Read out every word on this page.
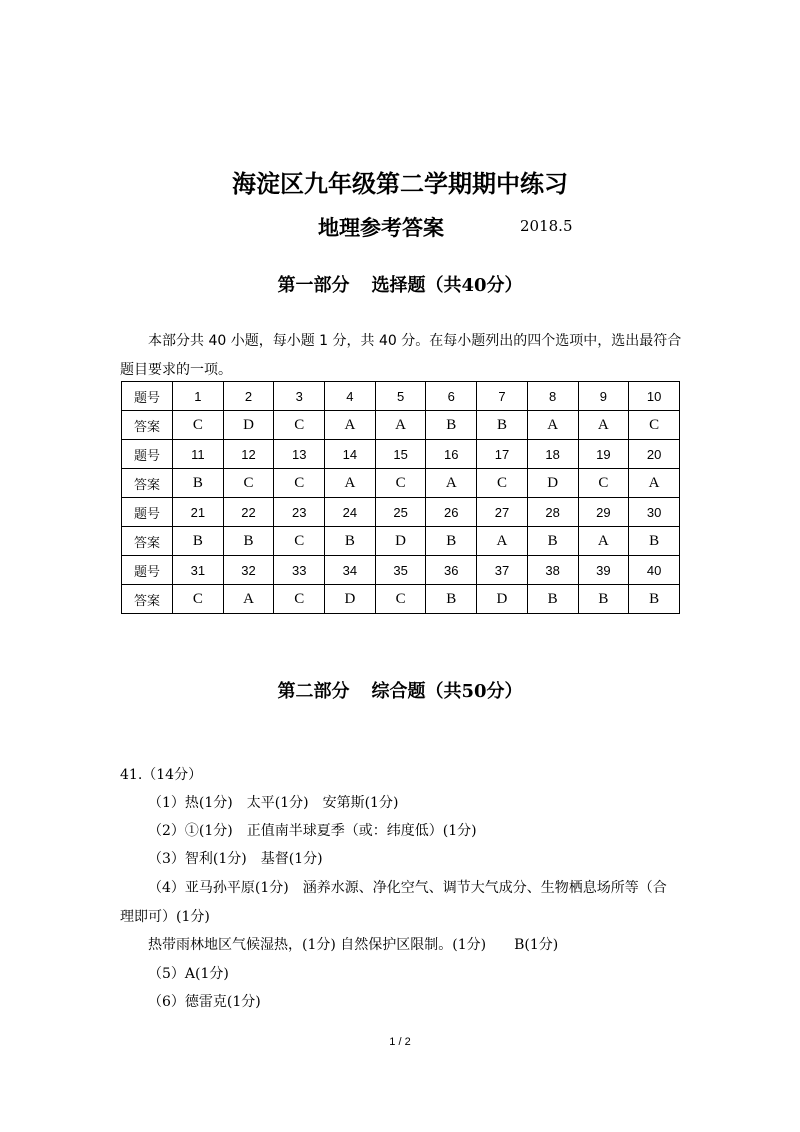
海淀区九年级第二学期期中练习
地理参考答案	2018.5
第一部分 选择题（共40分）
本部分共 40 小题，每小题 1 分，共 40 分。在每小题列出的四个选项中，选出最符合题目要求的一项。
题号	1	2	3	4	5	6	7	8	9	10
答案	C	D	C	A	A	B	B	A	A	C
题号	11	12	13	14	15	16	17	18	19	20
答案	B	C	C	A	C	A	C	D	C	A
题号	21	22	23	24	25	26	27	28	29	30
答案	B	B	C	B	D	B	A	B	A	B
题号	31	32	33	34	35	36	37	38	39	40
答案	C	A	C	D	C	B	D	B	B	B
第二部分 综合题（共50分）
41.（14分）
（1）热(1分)　太平(1分)　安第斯(1分)
（2）①(1分)　正值南半球夏季（或：纬度低）(1分)
（3）智利(1分)　基督(1分)
（4）亚马孙平原(1分)　涵养水源、净化空气、调节大气成分、生物栖息场所等（合
理即可）(1分)
热带雨林地区气候湿热，(1分) 自然保护区限制。(1分)　　B(1分)
（5）A(1分)
（6）德雷克(1分)
1 / 2
